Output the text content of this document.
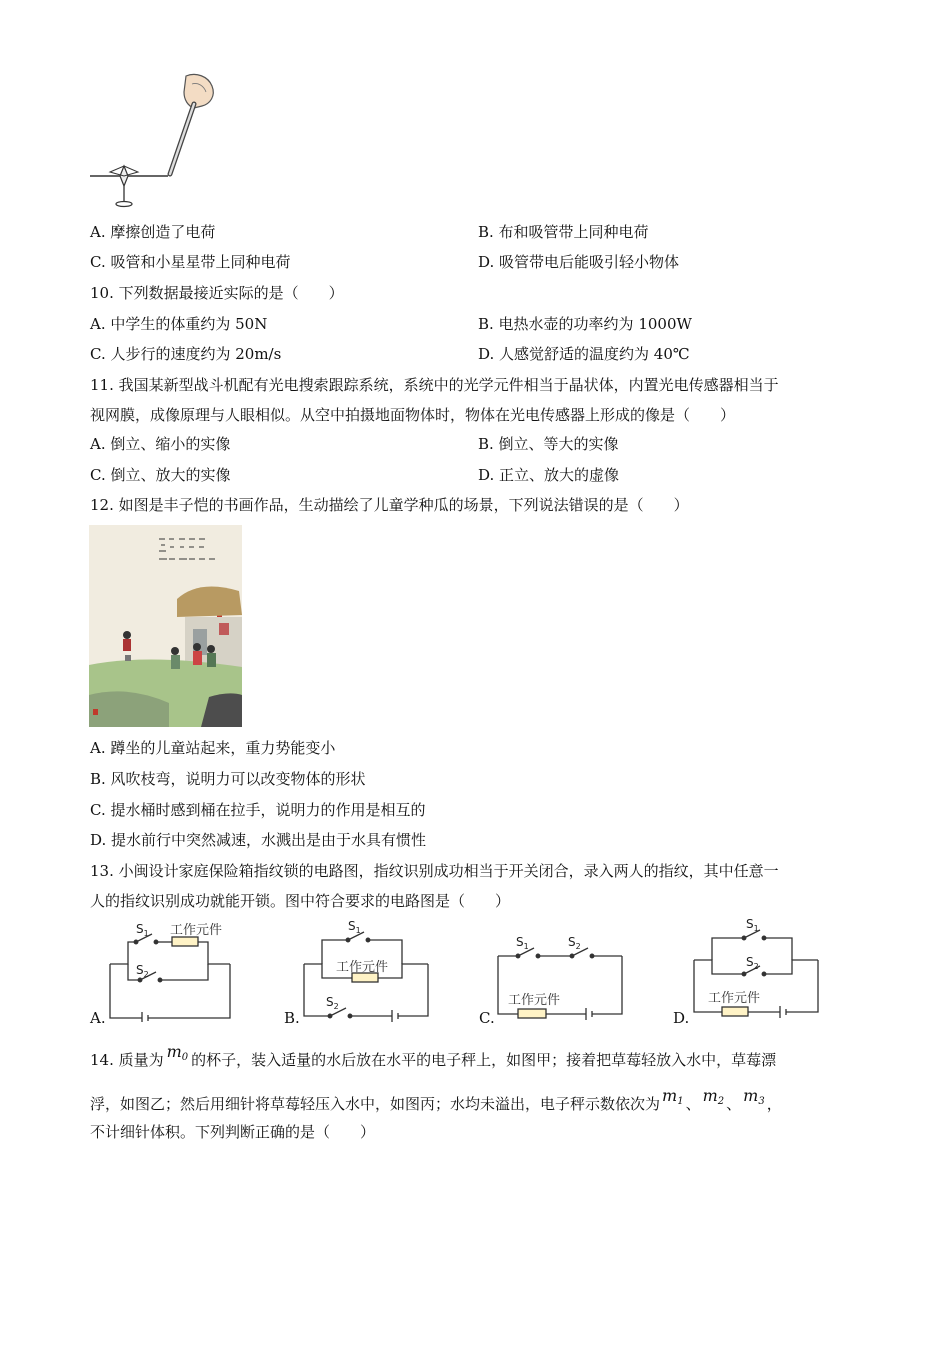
A. 摩擦创造了电荷	B. 布和吸管带上同种电荷
C. 吸管和小星星带上同种电荷	D. 吸管带电后能吸引轻小物体
10. 下列数据最接近实际的是（　　）
A. 中学生的体重约为 50N	B. 电热水壶的功率约为 1000W
C. 人步行的速度约为 20m/s	D. 人感觉舒适的温度约为 40℃
11. 我国某新型战斗机配有光电搜索跟踪系统，系统中的光学元件相当于晶状体，内置光电传感器相当于
视网膜，成像原理与人眼相似。从空中拍摄地面物体时，物体在光电传感器上形成的像是（　　）
A. 倒立、缩小的实像	B. 倒立、等大的实像
C. 倒立、放大的实像	D. 正立、放大的虚像
12. 如图是丰子恺的书画作品，生动描绘了儿童学种瓜的场景，下列说法错误的是（　　）
A. 蹲坐的儿童站起来，重力势能变小
B. 风吹枝弯，说明力可以改变物体的形状
C. 提水桶时感到桶在拉手，说明力的作用是相互的
D. 提水前行中突然减速，水溅出是由于水具有惯性
13. 小闽设计家庭保险箱指纹锁的电路图，指纹识别成功相当于开关闭合，录入两人的指纹，其中任意一
人的指纹识别成功就能开锁。图中符合要求的电路图是（　　）
A.
$S_1$
$S_2$
工作元件
B.
$S_1$
$S_2$
工作元件
C.
$S_1$	$S_2$
工作元件
D.
$S_1$
$S_2$
工作元件
14. 质量为 $m_0$ 的杯子，装入适量的水后放在水平的电子秤上，如图甲；接着把草莓轻放入水中，草莓漂
浮，如图乙；然后用细针将草莓轻压入水中，如图丙；水均未溢出，电子秤示数依次为 $m_1$ 、 $m_2$ 、 $m_3$ ，
不计细针体积。下列判断正确的是（　　）
